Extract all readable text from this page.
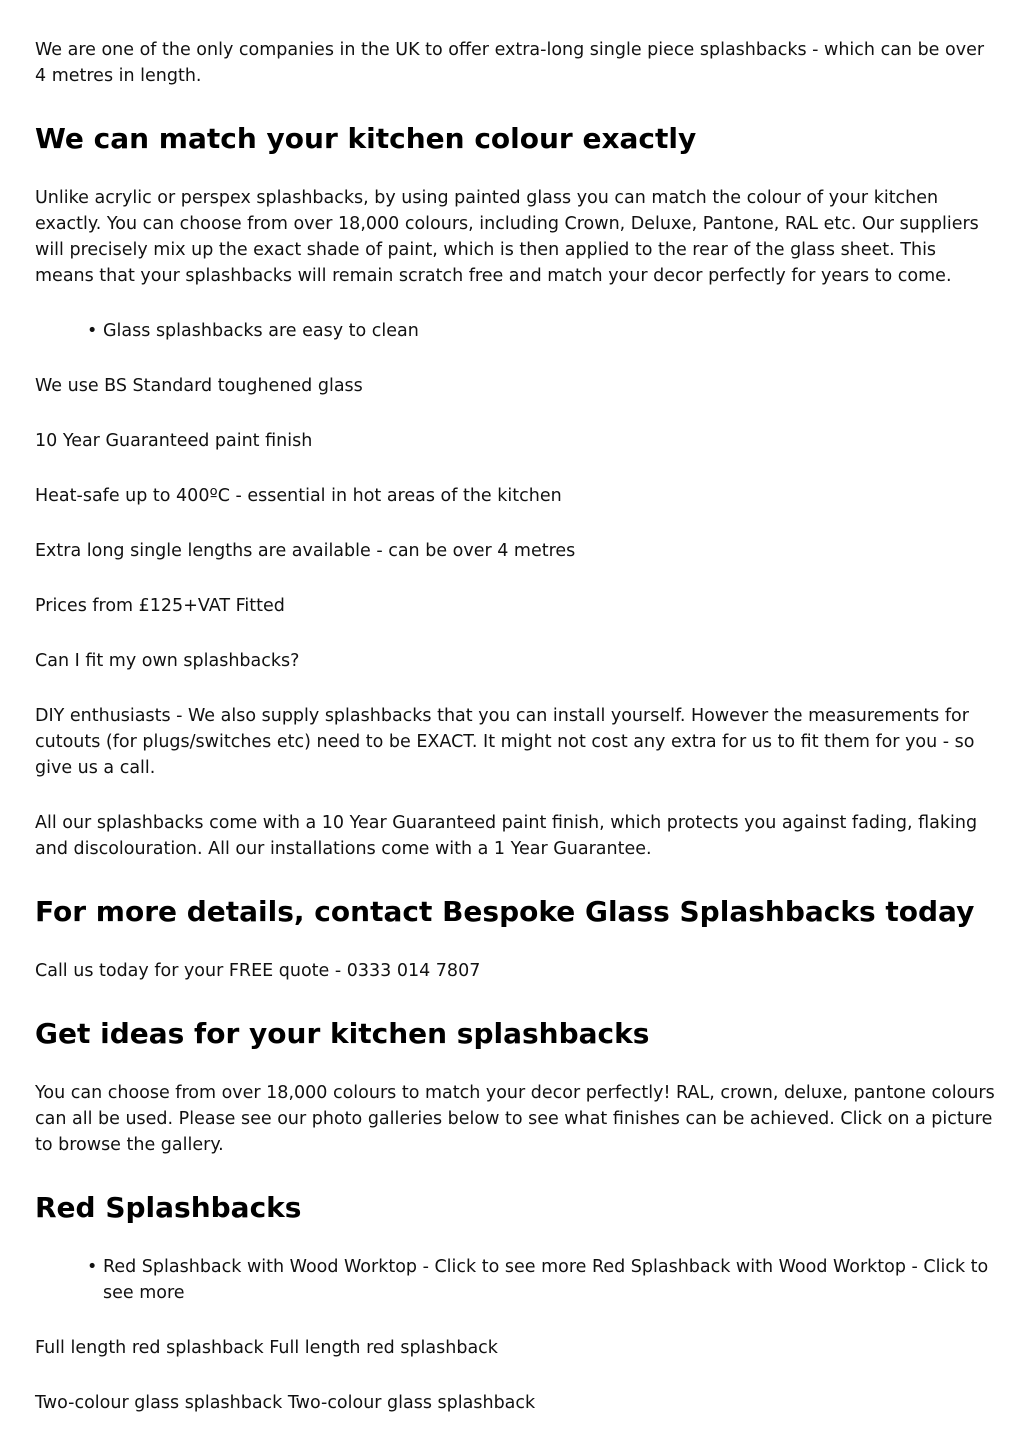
We are one of the only companies in the UK to offer extra-long single piece splashbacks - which can be over 4 metres in length.

We can match your kitchen colour exactly

Unlike acrylic or perspex splashbacks, by using painted glass you can match the colour of your kitchen exactly. You can choose from over 18,000 colours, including Crown, Deluxe, Pantone, RAL etc. Our suppliers will precisely mix up the exact shade of paint, which is then applied to the rear of the glass sheet. This means that your splashbacks will remain scratch free and match your decor perfectly for years to come.

• Glass splashbacks are easy to clean

We use BS Standard toughened glass

10 Year Guaranteed paint finish

Heat-safe up to 400ºC - essential in hot areas of the kitchen

Extra long single lengths are available - can be over 4 metres

Prices from £125+VAT Fitted

Can I fit my own splashbacks?

DIY enthusiasts - We also supply splashbacks that you can install yourself. However the measurements for cutouts (for plugs/switches etc) need to be EXACT. It might not cost any extra for us to fit them for you - so give us a call.

All our splashbacks come with a 10 Year Guaranteed paint finish, which protects you against fading, flaking and discolouration. All our installations come with a 1 Year Guarantee.

For more details, contact Bespoke Glass Splashbacks today

Call us today for your FREE quote - 0333 014 7807

Get ideas for your kitchen splashbacks

You can choose from over 18,000 colours to match your decor perfectly! RAL, crown, deluxe, pantone colours can all be used. Please see our photo galleries below to see what finishes can be achieved. Click on a picture to browse the gallery.

Red Splashbacks
• Red Splashback with Wood Worktop - Click to see more Red Splashback with Wood Worktop - Click to see more

Full length red splashback Full length red splashback

Two-colour glass splashback Two-colour glass splashback
